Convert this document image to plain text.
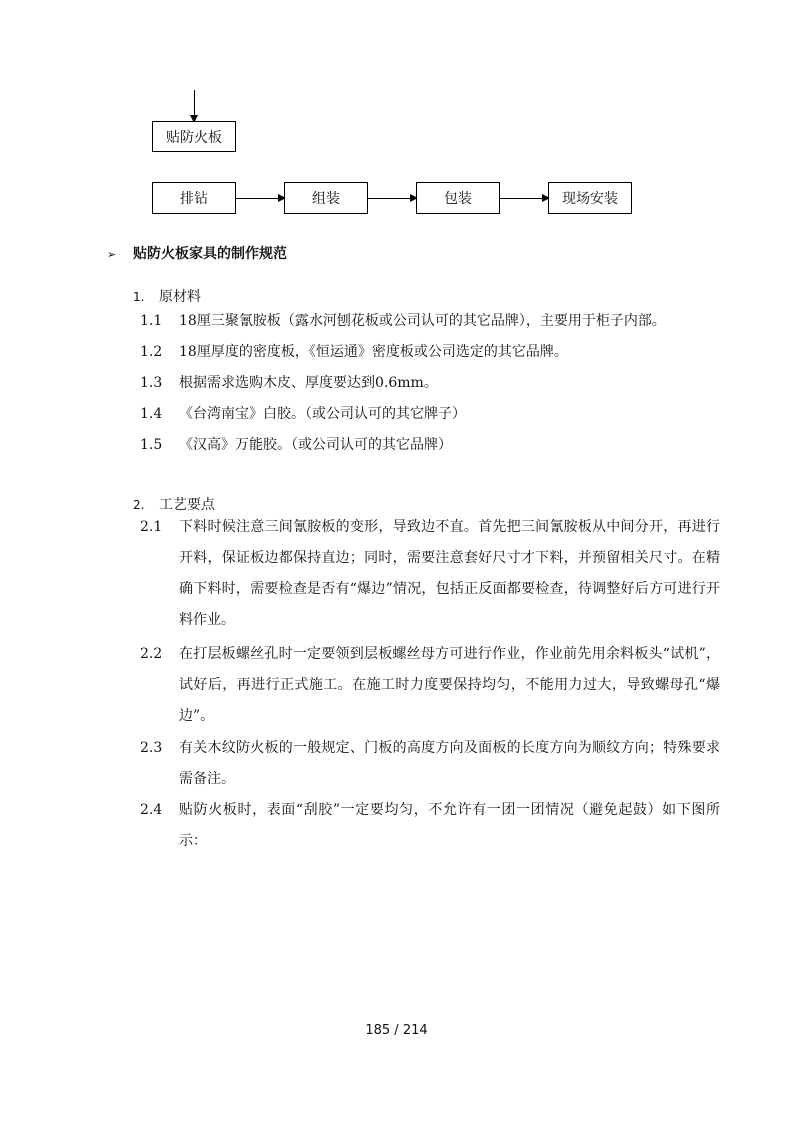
贴防火板
排钻	组装	包装	现场安装
➢ 贴防火板家具的制作规范
1. 原材料
1.1	18厘三聚氰胺板（露水河刨花板或公司认可的其它品牌），主要用于柜子内部。
1.2	18厘厚度的密度板，《恒运通》密度板或公司选定的其它品牌。
1.3	根据需求选购木皮、厚度要达到0.6mm。
1.4	《台湾南宝》白胶。（或公司认可的其它牌子）
1.5	《汉高》万能胶。（或公司认可的其它品牌）
2. 工艺要点
2.1	下料时候注意三间氰胺板的变形，导致边不直。首先把三间氰胺板从中间分开，再进行开料，保证板边都保持直边；同时，需要注意套好尺寸才下料，并预留相关尺寸。在精确下料时，需要检查是否有“爆边”情况，包括正反面都要检查，待调整好后方可进行开料作业。
2.2	在打层板螺丝孔时一定要领到层板螺丝母方可进行作业，作业前先用余料板头“试机”，试好后，再进行正式施工。在施工时力度要保持均匀，不能用力过大，导致螺母孔“爆边”。
2.3	有关木纹防火板的一般规定、门板的高度方向及面板的长度方向为顺纹方向；特殊要求需备注。
2.4	贴防火板时，表面“刮胶”一定要均匀，不允许有一团一团情况（避免起鼓）如下图所示：
185 / 214
